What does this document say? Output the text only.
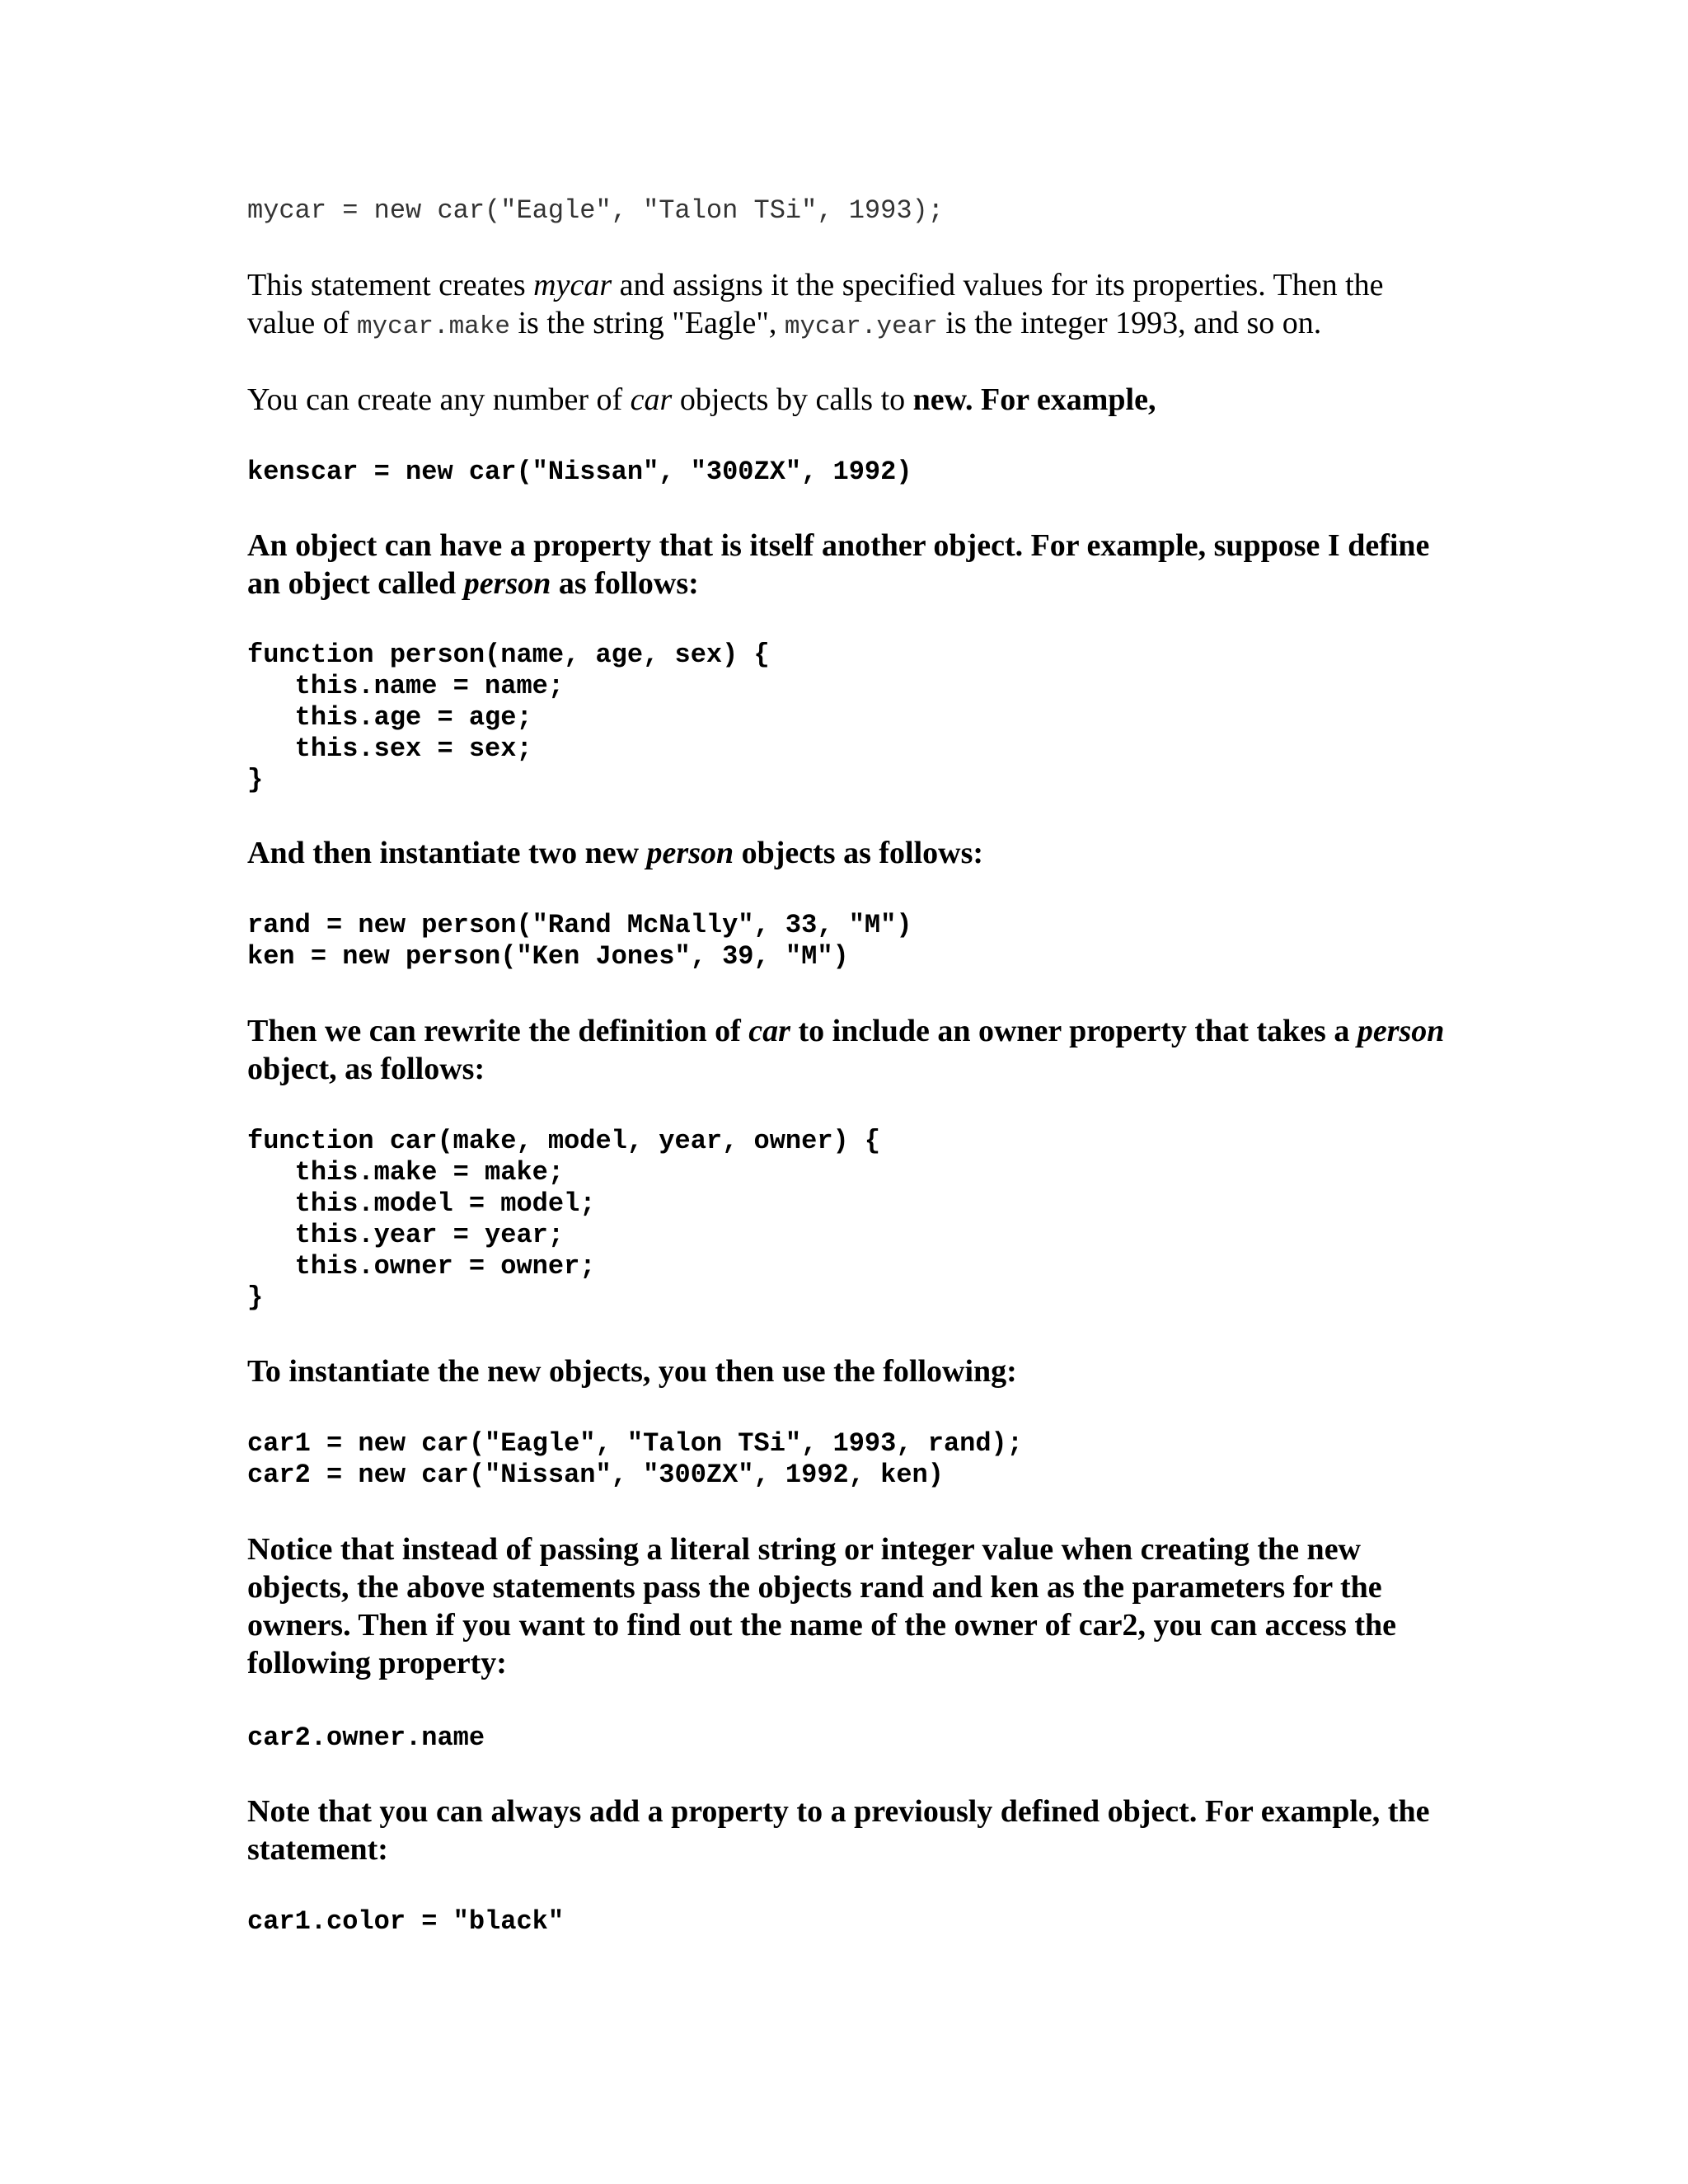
mycar = new car("Eagle", "Talon TSi", 1993);

This statement creates mycar and assigns it the specified values for its properties. Then the value of mycar.make is the string "Eagle", mycar.year is the integer 1993, and so on.

You can create any number of car objects by calls to new. For example,

kenscar = new car("Nissan", "300ZX", 1992)

An object can have a property that is itself another object. For example, suppose I define an object called person as follows:

function person(name, age, sex) {
this.name = name;
this.age = age;
this.sex = sex;
}

And then instantiate two new person objects as follows:

rand = new person("Rand McNally", 33, "M")
ken = new person("Ken Jones", 39, "M")

Then we can rewrite the definition of car to include an owner property that takes a person object, as follows:

function car(make, model, year, owner) {
this.make = make;
this.model = model;
this.year = year;
this.owner = owner;
}

To instantiate the new objects, you then use the following:

car1 = new car("Eagle", "Talon TSi", 1993, rand);
car2 = new car("Nissan", "300ZX", 1992, ken)

Notice that instead of passing a literal string or integer value when creating the new objects, the above statements pass the objects rand and ken as the parameters for the owners. Then if you want to find out the name of the owner of car2, you can access the following property:

car2.owner.name

Note that you can always add a property to a previously defined object. For example, the statement:

car1.color = "black"
